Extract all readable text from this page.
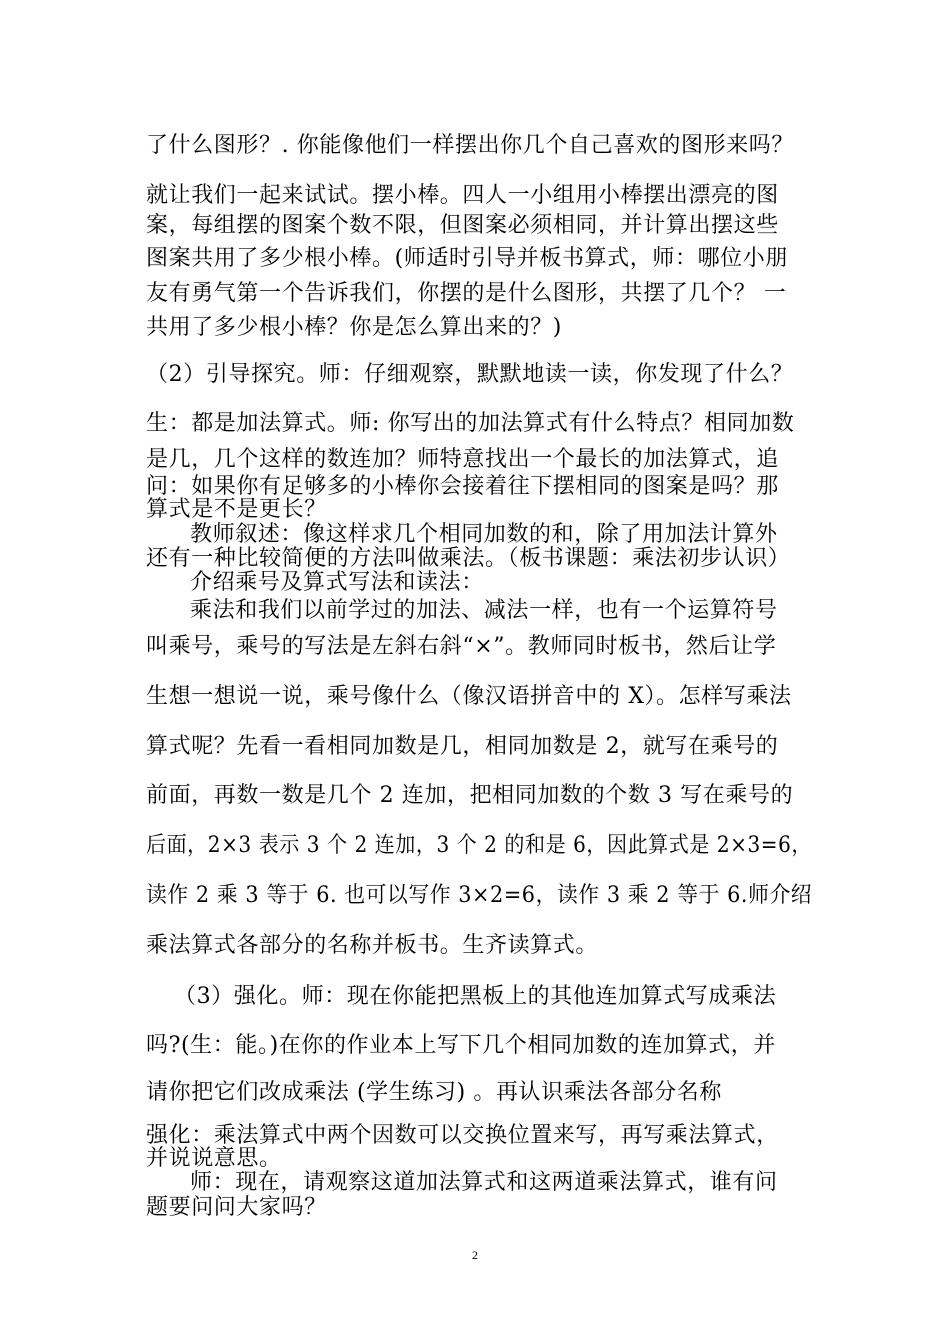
了什么图形？. 你能像他们一样摆出你几个自己喜欢的图形来吗？
就让我们一起来试试。摆小棒。四人一小组用小棒摆出漂亮的图
案，每组摆的图案个数不限，但图案必须相同，并计算出摆这些
图案共用了多少根小棒。(师适时引导并板书算式，师：哪位小朋
友有勇气第一个告诉我们，你摆的是什么图形，共摆了几个？ 一
共用了多少根小棒？你是怎么算出来的？)
（2）引导探究。师：仔细观察，默默地读一读，你发现了什么？
生：都是加法算式。师: 你写出的加法算式有什么特点？相同加数
是几，几个这样的数连加？师特意找出一个最长的加法算式，追
问：如果你有足够多的小棒你会接着往下摆相同的图案是吗？那
算式是不是更长？
教师叙述：像这样求几个相同加数的和，除了用加法计算外
还有一种比较简便的方法叫做乘法。（板书课题：乘法初步认识）
介绍乘号及算式写法和读法：
乘法和我们以前学过的加法、减法一样，也有一个运算符号
叫乘号，乘号的写法是左斜右斜“×”。教师同时板书，然后让学
生想一想说一说，乘号像什么（像汉语拼音中的 X）。怎样写乘法
算式呢？先看一看相同加数是几，相同加数是 2，就写在乘号的
前面，再数一数是几个 2 连加，把相同加数的个数 3 写在乘号的
后面，2×3 表示 3 个 2 连加，3 个 2 的和是 6，因此算式是 2×3=6，
读作 2 乘 3 等于 6. 也可以写作 3×2=6，读作 3 乘 2 等于 6.师介绍
乘法算式各部分的名称并板书。生齐读算式。
（3）强化。师：现在你能把黑板上的其他连加算式写成乘法
吗?(生：能。)在你的作业本上写下几个相同加数的连加算式，并
请你把它们改成乘法 (学生练习) 。再认识乘法各部分名称
强化：乘法算式中两个因数可以交换位置来写，再写乘法算式，
并说说意思。
师：现在，请观察这道加法算式和这两道乘法算式，谁有问
题要问问大家吗？
2
